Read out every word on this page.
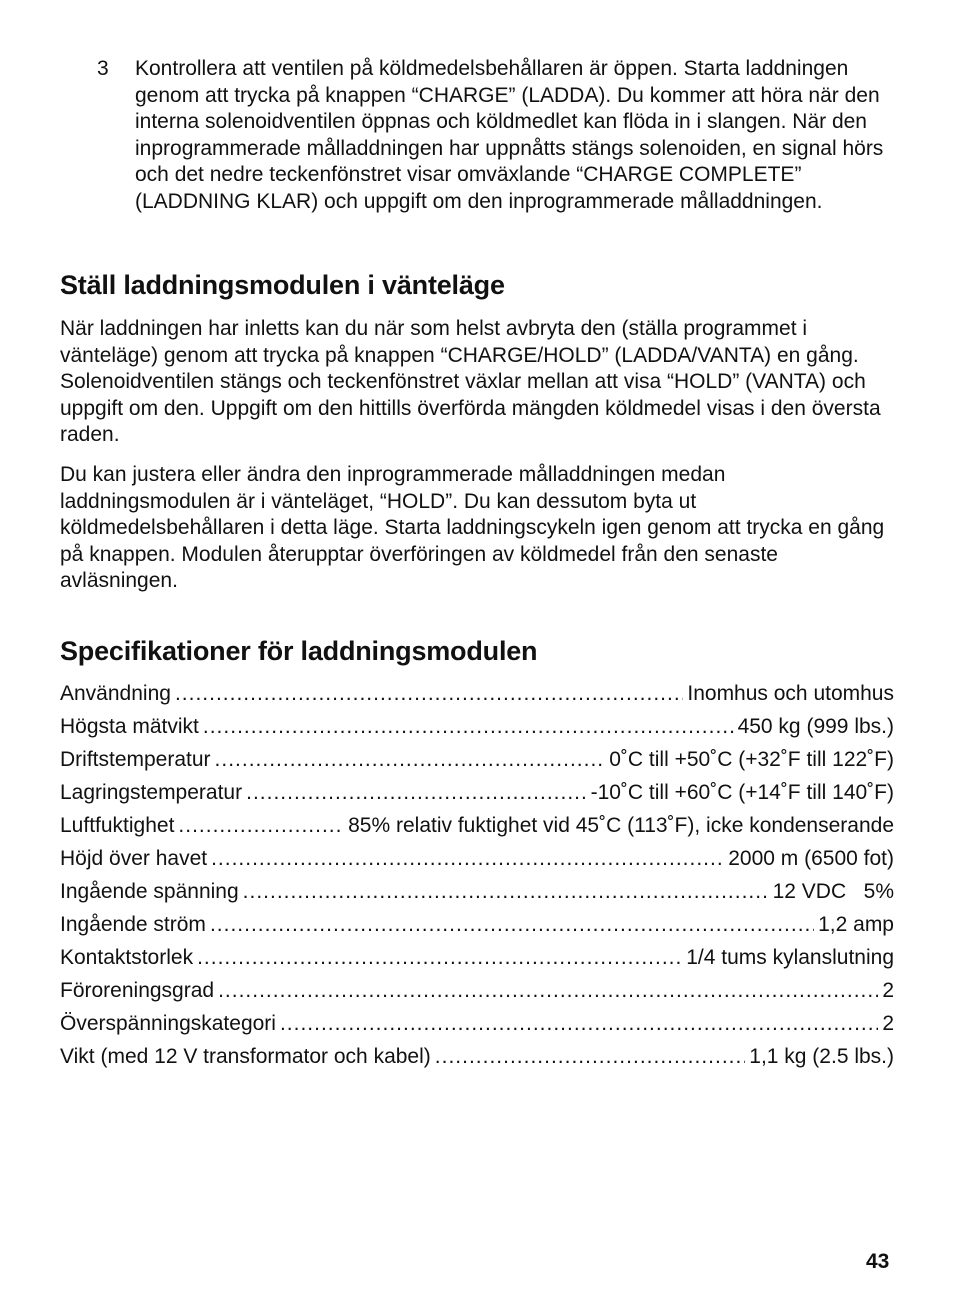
3	Kontrollera att ventilen på köldmedelsbehållaren är öppen. Starta laddningen genom att trycka på knappen “CHARGE” (LADDA). Du kommer att höra när den interna solenoidventilen öppnas och köldmedlet kan flöda in i slangen. När den inprogrammerade målladdningen har uppnåtts stängs solenoiden, en signal hörs och det nedre teckenfönstret visar omväxlande “CHARGE COMPLETE” (LADDNING KLAR) och uppgift om den inprogrammerade målladdningen.

Ställ laddningsmodulen i vänteläge

När laddningen har inletts kan du när som helst avbryta den (ställa programmet i vänteläge) genom att trycka på knappen “CHARGE/HOLD” (LADDA/VANTA) en gång. Solenoidventilen stängs och teckenfönstret växlar mellan att visa “HOLD” (VANTA) och uppgift om den. Uppgift om den hittills överförda mängden köldmedel visas i den översta raden.

Du kan justera eller ändra den inprogrammerade målladdningen medan laddningsmodulen är i vänteläget, “HOLD”. Du kan dessutom byta ut köldmedelsbehållaren i detta läge. Starta laddningscykeln igen genom att trycka en gång på knappen. Modulen återupptar överföringen av köldmedel från den senaste avläsningen.

Specifikationer för laddningsmodulen
Användning .....	Inomhus och utomhus
Högsta mätvikt .....	450 kg (999 lbs.)
Driftstemperatur .....	0˚C till +50˚C (+32˚F till 122˚F)
Lagringstemperatur .....	-10˚C till +60˚C (+14˚F till 140˚F)
Luftfuktighet .....	85% relativ fuktighet vid 45˚C (113˚F), icke kondenserande
Höjd över havet .....	2000 m (6500 fot)
Ingående spänning .....	12 VDC   5%
Ingående ström .....	1,2 amp
Kontaktstorlek .....	1/4 tums kylanslutning
Föroreningsgrad .....	2
Överspänningskategori .....	2
Vikt (med 12 V transformator och kabel) .....	1,1 kg (2.5 lbs.)
43
